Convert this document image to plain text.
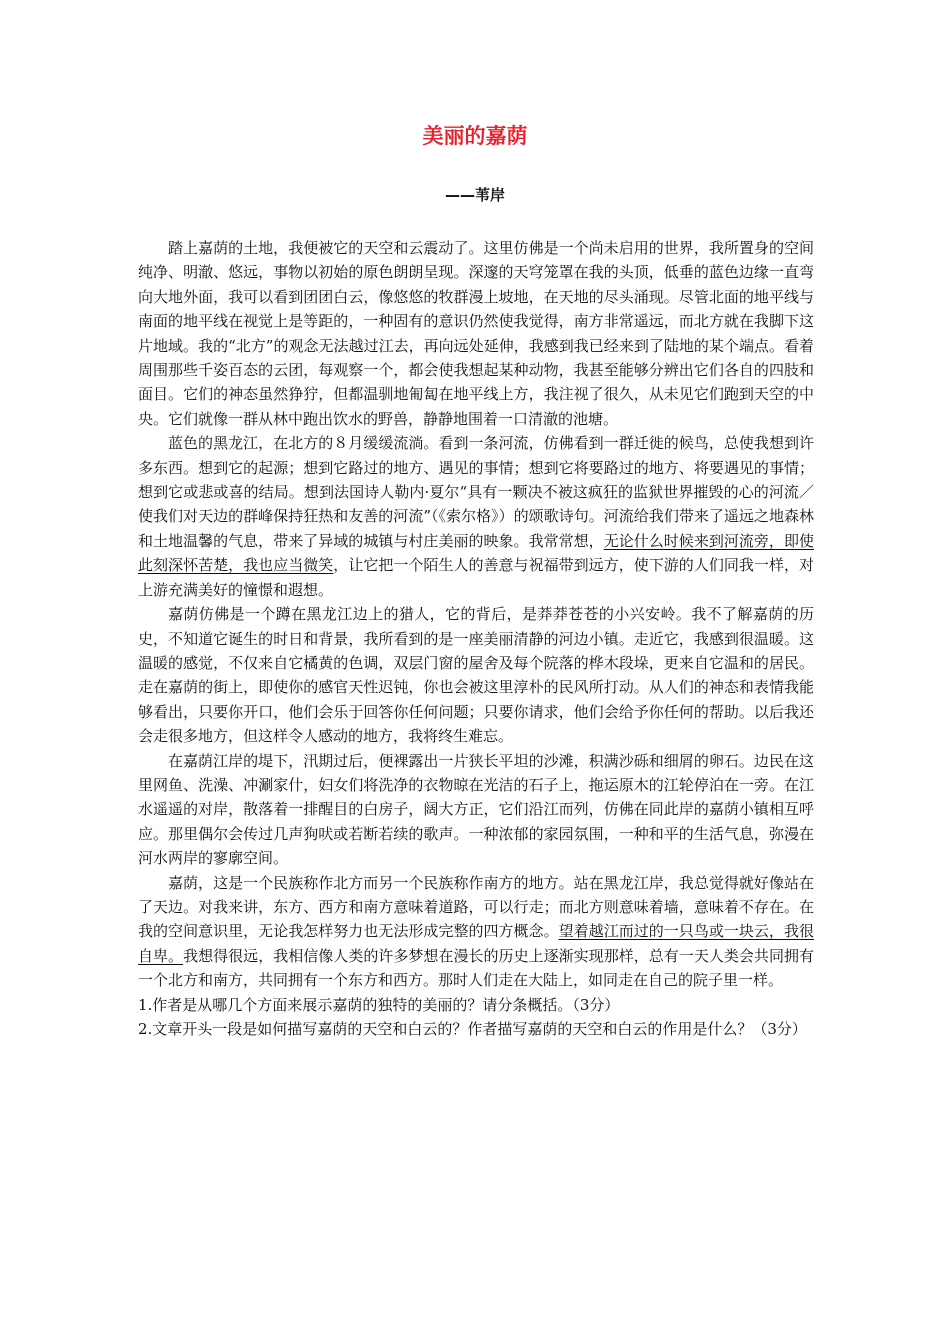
美丽的嘉荫
——苇岸

踏上嘉荫的土地，我便被它的天空和云震动了。这里仿佛是一个尚未启用的世界，我所置身的空间纯净、明澈、悠远，事物以初始的原色朗朗呈现。深邃的天穹笼罩在我的头顶，低垂的蓝色边缘一直弯向大地外面，我可以看到团团白云，像悠悠的牧群漫上坡地，在天地的尽头涌现。尽管北面的地平线与南面的地平线在视觉上是等距的，一种固有的意识仍然使我觉得，南方非常遥远，而北方就在我脚下这片地域。我的“北方”的观念无法越过江去，再向远处延伸，我感到我已经来到了陆地的某个端点。看着周围那些千姿百态的云团，每观察一个，都会使我想起某种动物，我甚至能够分辨出它们各自的四肢和面目。它们的神态虽然狰狞，但都温驯地匍匐在地平线上方，我注视了很久，从未见它们跑到天空的中央。它们就像一群从林中跑出饮水的野兽，静静地围着一口清澈的池塘。

蓝色的黑龙江，在北方的８月缓缓流淌。看到一条河流，仿佛看到一群迁徙的候鸟，总使我想到许多东西。想到它的起源；想到它路过的地方、遇见的事情；想到它将要路过的地方、将要遇见的事情；想到它或悲或喜的结局。想到法国诗人勒内·夏尔“具有一颗决不被这疯狂的监狱世界摧毁的心的河流／使我们对天边的群峰保持狂热和友善的河流”（《索尔格》）的颂歌诗句。河流给我们带来了遥远之地森林和土地温馨的气息，带来了异域的城镇与村庄美丽的映象。我常常想，无论什么时候来到河流旁，即使此刻深怀苦楚，我也应当微笑，让它把一个陌生人的善意与祝福带到远方，使下游的人们同我一样，对上游充满美好的憧憬和遐想。

嘉荫仿佛是一个蹲在黑龙江边上的猎人，它的背后，是莽莽苍苍的小兴安岭。我不了解嘉荫的历史，不知道它诞生的时日和背景，我所看到的是一座美丽清静的河边小镇。走近它，我感到很温暖。这温暖的感觉，不仅来自它橘黄的色调，双层门窗的屋舍及每个院落的桦木段垛，更来自它温和的居民。走在嘉荫的街上，即使你的感官天性迟钝，你也会被这里淳朴的民风所打动。从人们的神态和表情我能够看出，只要你开口，他们会乐于回答你任何问题；只要你请求，他们会给予你任何的帮助。以后我还会走很多地方，但这样令人感动的地方，我将终生难忘。

在嘉荫江岸的堤下，汛期过后，便裸露出一片狭长平坦的沙滩，积满沙砾和细屑的卵石。边民在这里网鱼、洗澡、冲涮家什，妇女们将洗净的衣物晾在光洁的石子上，拖运原木的江轮停泊在一旁。在江水遥遥的对岸，散落着一排醒目的白房子，阔大方正，它们沿江而列，仿佛在同此岸的嘉荫小镇相互呼应。那里偶尔会传过几声狗吠或若断若续的歌声。一种浓郁的家园氛围，一种和平的生活气息，弥漫在河水两岸的寥廓空间。

嘉荫，这是一个民族称作北方而另一个民族称作南方的地方。站在黑龙江岸，我总觉得就好像站在了天边。对我来讲，东方、西方和南方意味着道路，可以行走；而北方则意味着墙，意味着不存在。在我的空间意识里，无论我怎样努力也无法形成完整的四方概念。望着越江而过的一只鸟或一块云，我很自卑。我想得很远，我相信像人类的许多梦想在漫长的历史上逐渐实现那样，总有一天人类会共同拥有一个北方和南方，共同拥有一个东方和西方。那时人们走在大陆上，如同走在自己的院子里一样。

1.作者是从哪几个方面来展示嘉荫的独特的美丽的？请分条概括。（3分）

2.文章开头一段是如何描写嘉荫的天空和白云的？作者描写嘉荫的天空和白云的作用是什么？（3分）
